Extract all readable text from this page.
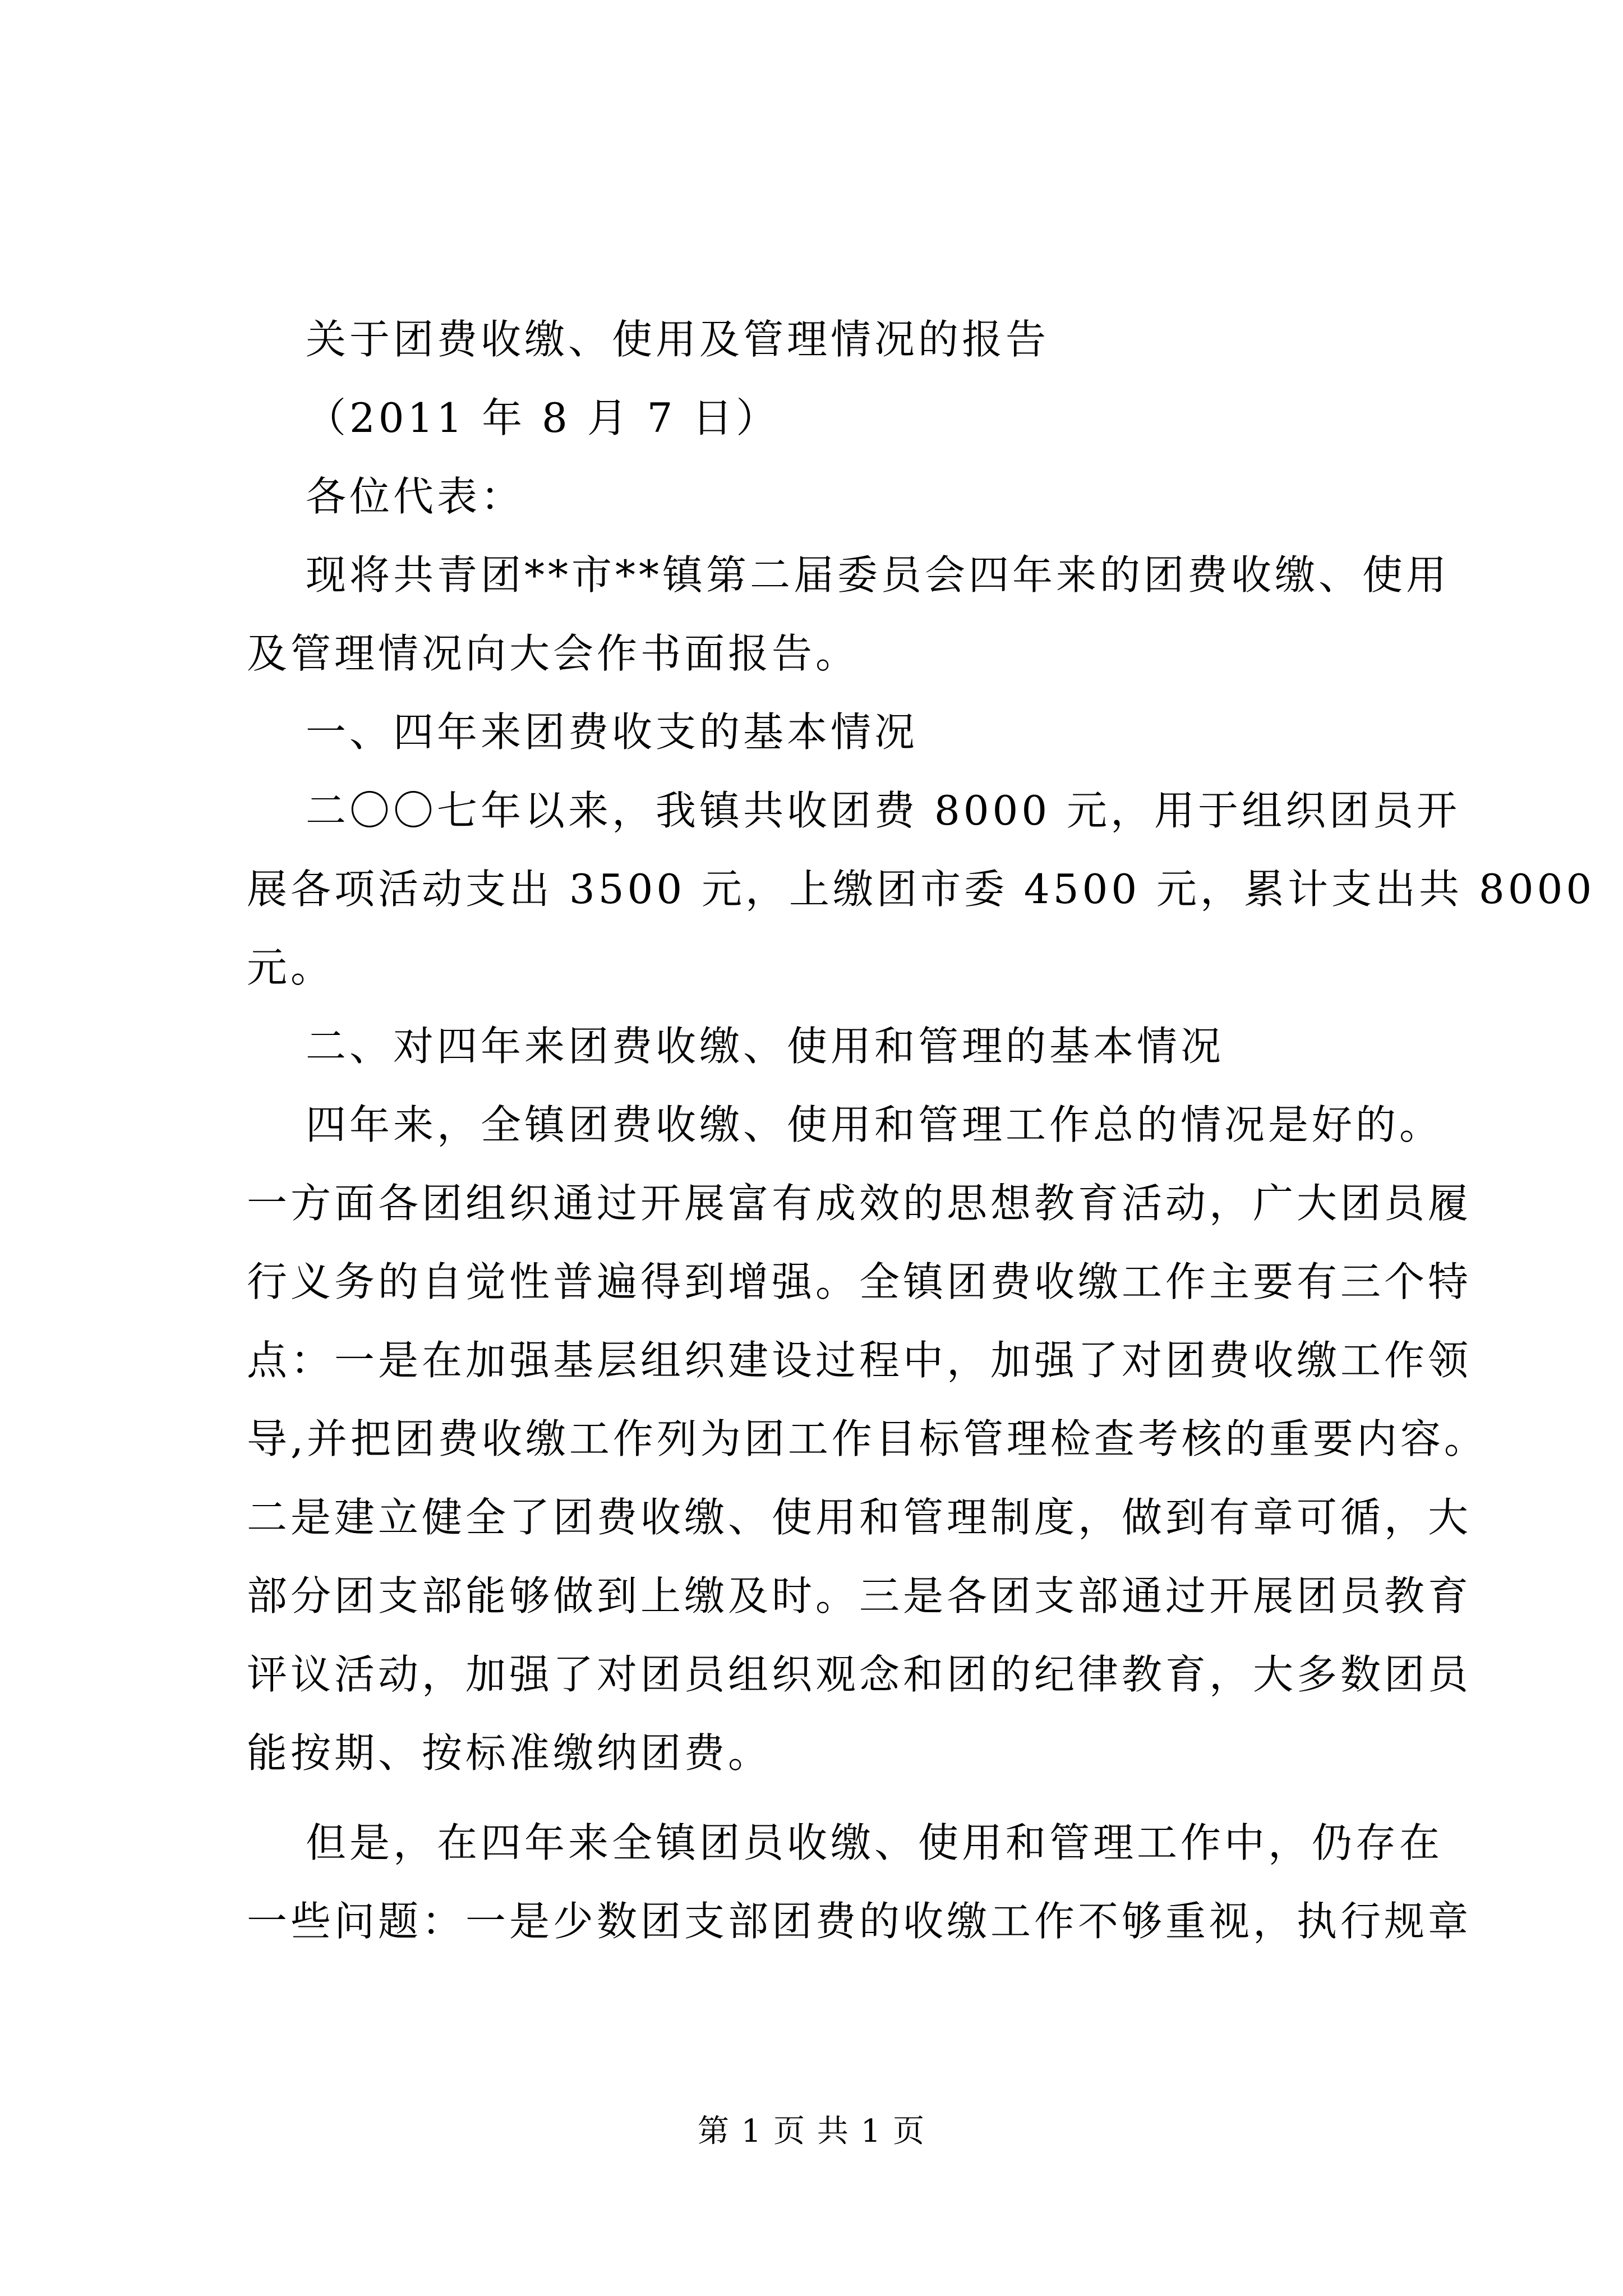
关于团费收缴、使用及管理情况的报告
（2011 年 8 月 7 日）
各位代表：
现将共青团**市**镇第二届委员会四年来的团费收缴、使用
及管理情况向大会作书面报告。
一、四年来团费收支的基本情况
二〇〇七年以来，我镇共收团费 8000 元，用于组织团员开
展各项活动支出 3500 元，上缴团市委 4500 元，累计支出共 8000
元。
二、对四年来团费收缴、使用和管理的基本情况
四年来，全镇团费收缴、使用和管理工作总的情况是好的。
一方面各团组织通过开展富有成效的思想教育活动，广大团员履
行义务的自觉性普遍得到增强。全镇团费收缴工作主要有三个特
点：一是在加强基层组织建设过程中，加强了对团费收缴工作领
导,并把团费收缴工作列为团工作目标管理检查考核的重要内容。
二是建立健全了团费收缴、使用和管理制度，做到有章可循，大
部分团支部能够做到上缴及时。三是各团支部通过开展团员教育
评议活动，加强了对团员组织观念和团的纪律教育，大多数团员
能按期、按标准缴纳团费。
但是，在四年来全镇团员收缴、使用和管理工作中，仍存在
一些问题：一是少数团支部团费的收缴工作不够重视，执行规章
第 1 页 共 1 页
